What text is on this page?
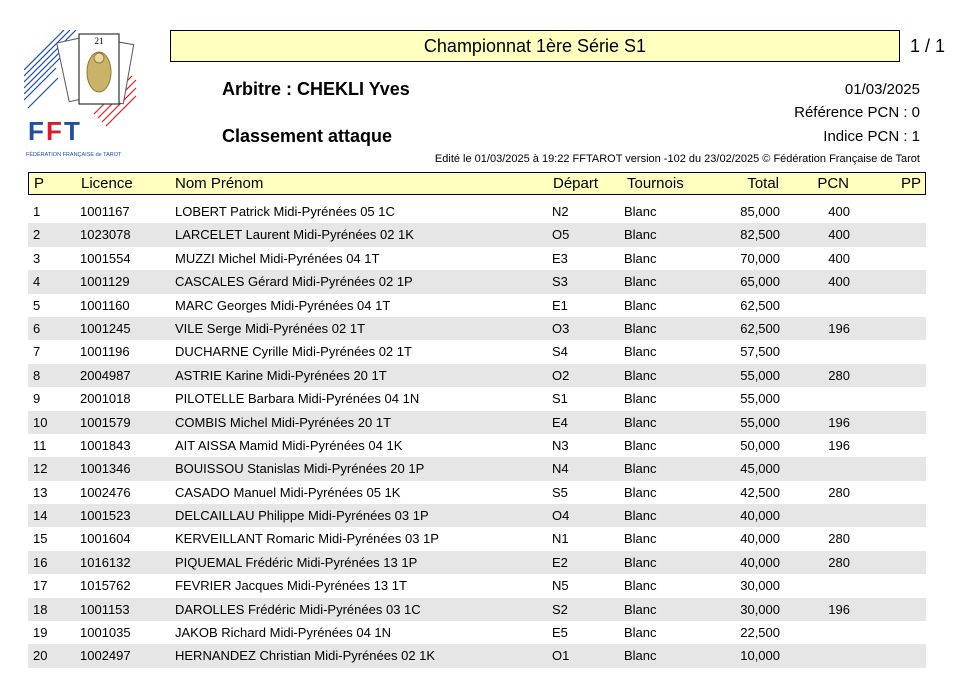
21
F F T
FÉDÉRATION FRANÇAISE de TAROT
Championnat 1ère Série S1	1 / 1
Arbitre : CHEKLI Yves
Classement attaque
01/03/2025
Référence PCN : 0
Indice PCN : 1
Edité le 01/03/2025 à 19:22 FFTAROT version -102 du 23/02/2025 © Fédération Française de Tarot
P Licence	Nom Prénom	Départ Tournois	Total	PCN	PP
1	1001167	LOBERT Patrick Midi-Pyrénées 05 1C	N2	Blanc	85,000	400
2	1023078	LARCELET Laurent Midi-Pyrénées 02 1K	O5	Blanc	82,500	400
3	1001554	MUZZI Michel Midi-Pyrénées 04 1T	E3	Blanc	70,000	400
4	1001129	CASCALES Gérard Midi-Pyrénées 02 1P	S3	Blanc	65,000	400
5	1001160	MARC Georges Midi-Pyrénées 04 1T	E1	Blanc	62,500
6	1001245	VILE Serge Midi-Pyrénées 02 1T	O3	Blanc	62,500	196
7	1001196	DUCHARNE Cyrille Midi-Pyrénées 02 1T	S4	Blanc	57,500
8	2004987	ASTRIE Karine Midi-Pyrénées 20 1T	O2	Blanc	55,000	280
9	2001018	PILOTELLE Barbara Midi-Pyrénées 04 1N	S1	Blanc	55,000
10	1001579	COMBIS Michel Midi-Pyrénées 20 1T	E4	Blanc	55,000	196
11	1001843	AIT AISSA Mamid Midi-Pyrénées 04 1K	N3	Blanc	50,000	196
12	1001346	BOUISSOU Stanislas Midi-Pyrénées 20 1P	N4	Blanc	45,000
13	1002476	CASADO Manuel Midi-Pyrénées 05 1K	S5	Blanc	42,500	280
14	1001523	DELCAILLAU Philippe Midi-Pyrénées 03 1P	O4	Blanc	40,000
15	1001604	KERVEILLANT Romaric Midi-Pyrénées 03 1P	N1	Blanc	40,000	280
16	1016132	PIQUEMAL Frédéric Midi-Pyrénées 13 1P	E2	Blanc	40,000	280
17	1015762	FEVRIER Jacques Midi-Pyrénées 13 1T	N5	Blanc	30,000
18	1001153	DAROLLES Frédéric Midi-Pyrénées 03 1C	S2	Blanc	30,000	196
19	1001035	JAKOB Richard Midi-Pyrénées 04 1N	E5	Blanc	22,500
20	1002497	HERNANDEZ Christian Midi-Pyrénées 02 1K	O1	Blanc	10,000
